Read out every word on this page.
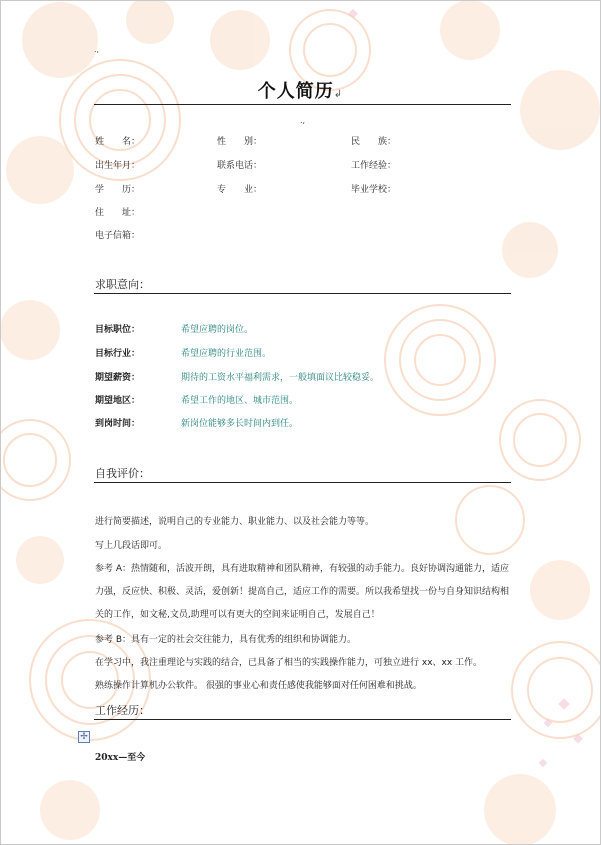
.,
个人简历↲
.,
姓　　名：	性　　别：	民　　族：
出生年月：	联系电话：	工作经验：
学　　历：	专　　业：	毕业学校：
住　　址：
电子信箱：
求职意向：
目标职位：	希望应聘的岗位。
目标行业：	希望应聘的行业范围。
期望薪资：	期待的工资水平福利需求，一般填面议比较稳妥。
期望地区：	希望工作的地区、城市范围。
到岗时间：	新岗位能够多长时间内到任。
自我评价：
进行简要描述，说明自己的专业能力、职业能力、以及社会能力等等。
写上几段话即可。
参考 A：热情随和，活波开朗，具有进取精神和团队精神，有较强的动手能力。良好协调沟通能力，适应
力强，反应快、积极、灵活，爱创新！提高自己，适应工作的需要。所以我希望找一份与自身知识结构相
关的工作，如文秘,文员,助理可以有更大的空间来证明自己，发展自己！
参考 B：具有一定的社会交往能力，具有优秀的组织和协调能力。
在学习中，我注重理论与实践的结合，已具备了相当的实践操作能力，可独立进行 xx、xx 工作。
熟练操作计算机办公软件。 很强的事业心和责任感使我能够面对任何困难和挑战。
工作经历：
✢
20xx—至今
